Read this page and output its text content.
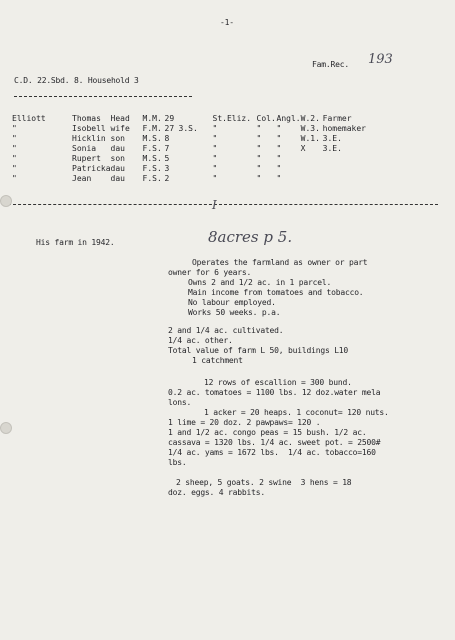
-1-
Fam.Rec. 193
C.D. 22.Sbd. 8. Household 3
Elliott	Thomas	Head	M.M.	29		St.Eliz.	Col.	Angl.	W.2.	Farmer
"	Isobell	wife	F.M.	27	3.S.	"	"	"	W.3.	homemaker
"	Hicklin	son	M.S.	8		"	"	"	W.1.	3.E.
"	Sonia	dau	F.S.	7		"	"	"	X	3.E.
"	Rupert	son	M.S.	5		"	"	"		
"	Patricka	dau	F.S.	3		"	"	"		
"	Jean	dau	F.S.	2		"	"	"		
I
His farm in 1942.	8acres p 5.
Operates the farmland as owner or part
owner for 6 years.
Owns 2 and 1/2 ac. in 1 parcel.
Main income from tomatoes and tobacco.
No labour employed.
Works 50 weeks. p.a.
2 and 1/4 ac. cultivated.
1/4 ac. other.
Total value of farm L 50, buildings L10
1 catchment
12 rows of escallion = 300 bund.
0.2 ac. tomatoes = 1100 lbs. 12 doz.water mela
lons.
1 acker = 20 heaps. 1 coconut= 120 nuts.
1 lime = 20 doz. 2 pawpaws= 120 .
1 and 1/2 ac. congo peas = 15 bush. 1/2 ac.
cassava = 1320 lbs. 1/4 ac. sweet pot. = 2500#
1/4 ac. yams = 1672 lbs.  1/4 ac. tobacco=160
lbs.
2 sheep, 5 goats. 2 swine  3 hens = 18
doz. eggs. 4 rabbits.
